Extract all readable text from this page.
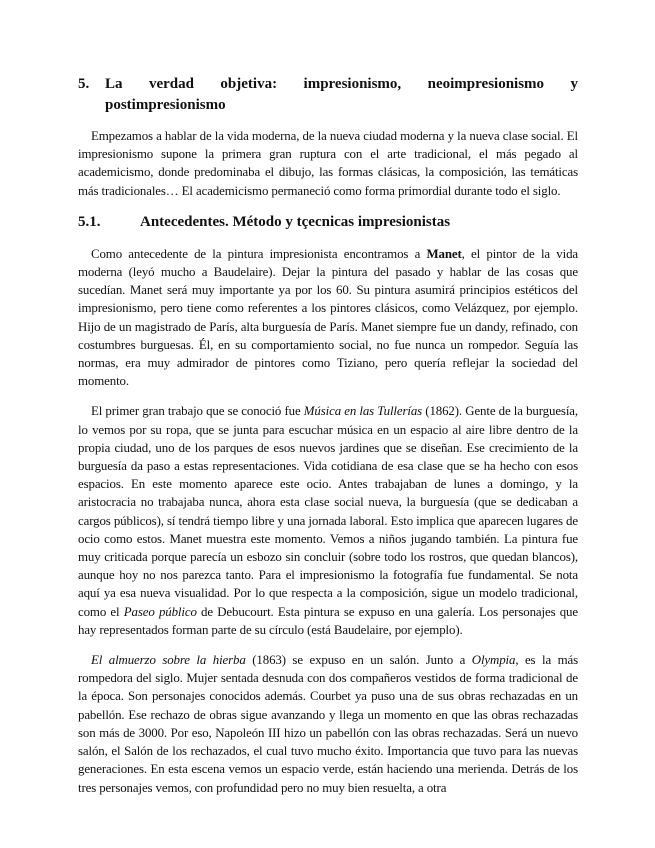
5.	La verdad objetiva: impresionismo, neoimpresionismo y
postimpresionismo

Empezamos a hablar de la vida moderna, de la nueva ciudad moderna y la nueva clase social. El impresionismo supone la primera gran ruptura con el arte tradicional, el más pegado al academicismo, donde predominaba el dibujo, las formas clásicas, la composición, las temáticas más tradicionales… El academicismo permaneció como forma primordial durante todo el siglo.

5.1.	Antecedentes. Método y tçecnicas impresionistas

Como antecedente de la pintura impresionista encontramos a Manet, el pintor de la vida moderna (leyó mucho a Baudelaire). Dejar la pintura del pasado y hablar de las cosas que sucedían. Manet será muy importante ya por los 60. Su pintura asumirá principios estéticos del impresionismo, pero tiene como referentes a los pintores clásicos, como Velázquez, por ejemplo. Hijo de un magistrado de París, alta burguesía de París. Manet siempre fue un dandy, refinado, con costumbres burguesas. Él, en su comportamiento social, no fue nunca un rompedor. Seguía las normas, era muy admirador de pintores como Tiziano, pero quería reflejar la sociedad del momento.

El primer gran trabajo que se conoció fue Música en las Tullerías (1862). Gente de la burguesía, lo vemos por su ropa, que se junta para escuchar música en un espacio al aire libre dentro de la propia ciudad, uno de los parques de esos nuevos jardines que se diseñan. Ese crecimiento de la burguesía da paso a estas representaciones. Vida cotidiana de esa clase que se ha hecho con esos espacios. En este momento aparece este ocio. Antes trabajaban de lunes a domingo, y la aristocracia no trabajaba nunca, ahora esta clase social nueva, la burguesía (que se dedicaban a cargos públicos), sí tendrá tiempo libre y una jornada laboral. Esto implica que aparecen lugares de ocio como estos. Manet muestra este momento. Vemos a niños jugando también. La pintura fue muy criticada porque parecía un esbozo sin concluir (sobre todo los rostros, que quedan blancos), aunque hoy no nos parezca tanto. Para el impresionismo la fotografía fue fundamental. Se nota aquí ya esa nueva visualidad. Por lo que respecta a la composición, sigue un modelo tradicional, como el Paseo público de Debucourt. Esta pintura se expuso en una galería. Los personajes que hay representados forman parte de su círculo (está Baudelaire, por ejemplo).

El almuerzo sobre la hierba (1863) se expuso en un salón. Junto a Olympia, es la más rompedora del siglo. Mujer sentada desnuda con dos compañeros vestidos de forma tradicional de la época. Son personajes conocidos además. Courbet ya puso una de sus obras rechazadas en un pabellón. Ese rechazo de obras sigue avanzando y llega un momento en que las obras rechazadas son más de 3000. Por eso, Napoleón III hizo un pabellón con las obras rechazadas. Será un nuevo salón, el Salón de los rechazados, el cual tuvo mucho éxito. Importancia que tuvo para las nuevas generaciones. En esta escena vemos un espacio verde, están haciendo una merienda. Detrás de los tres personajes vemos, con profundidad pero no muy bien resuelta, a otra
